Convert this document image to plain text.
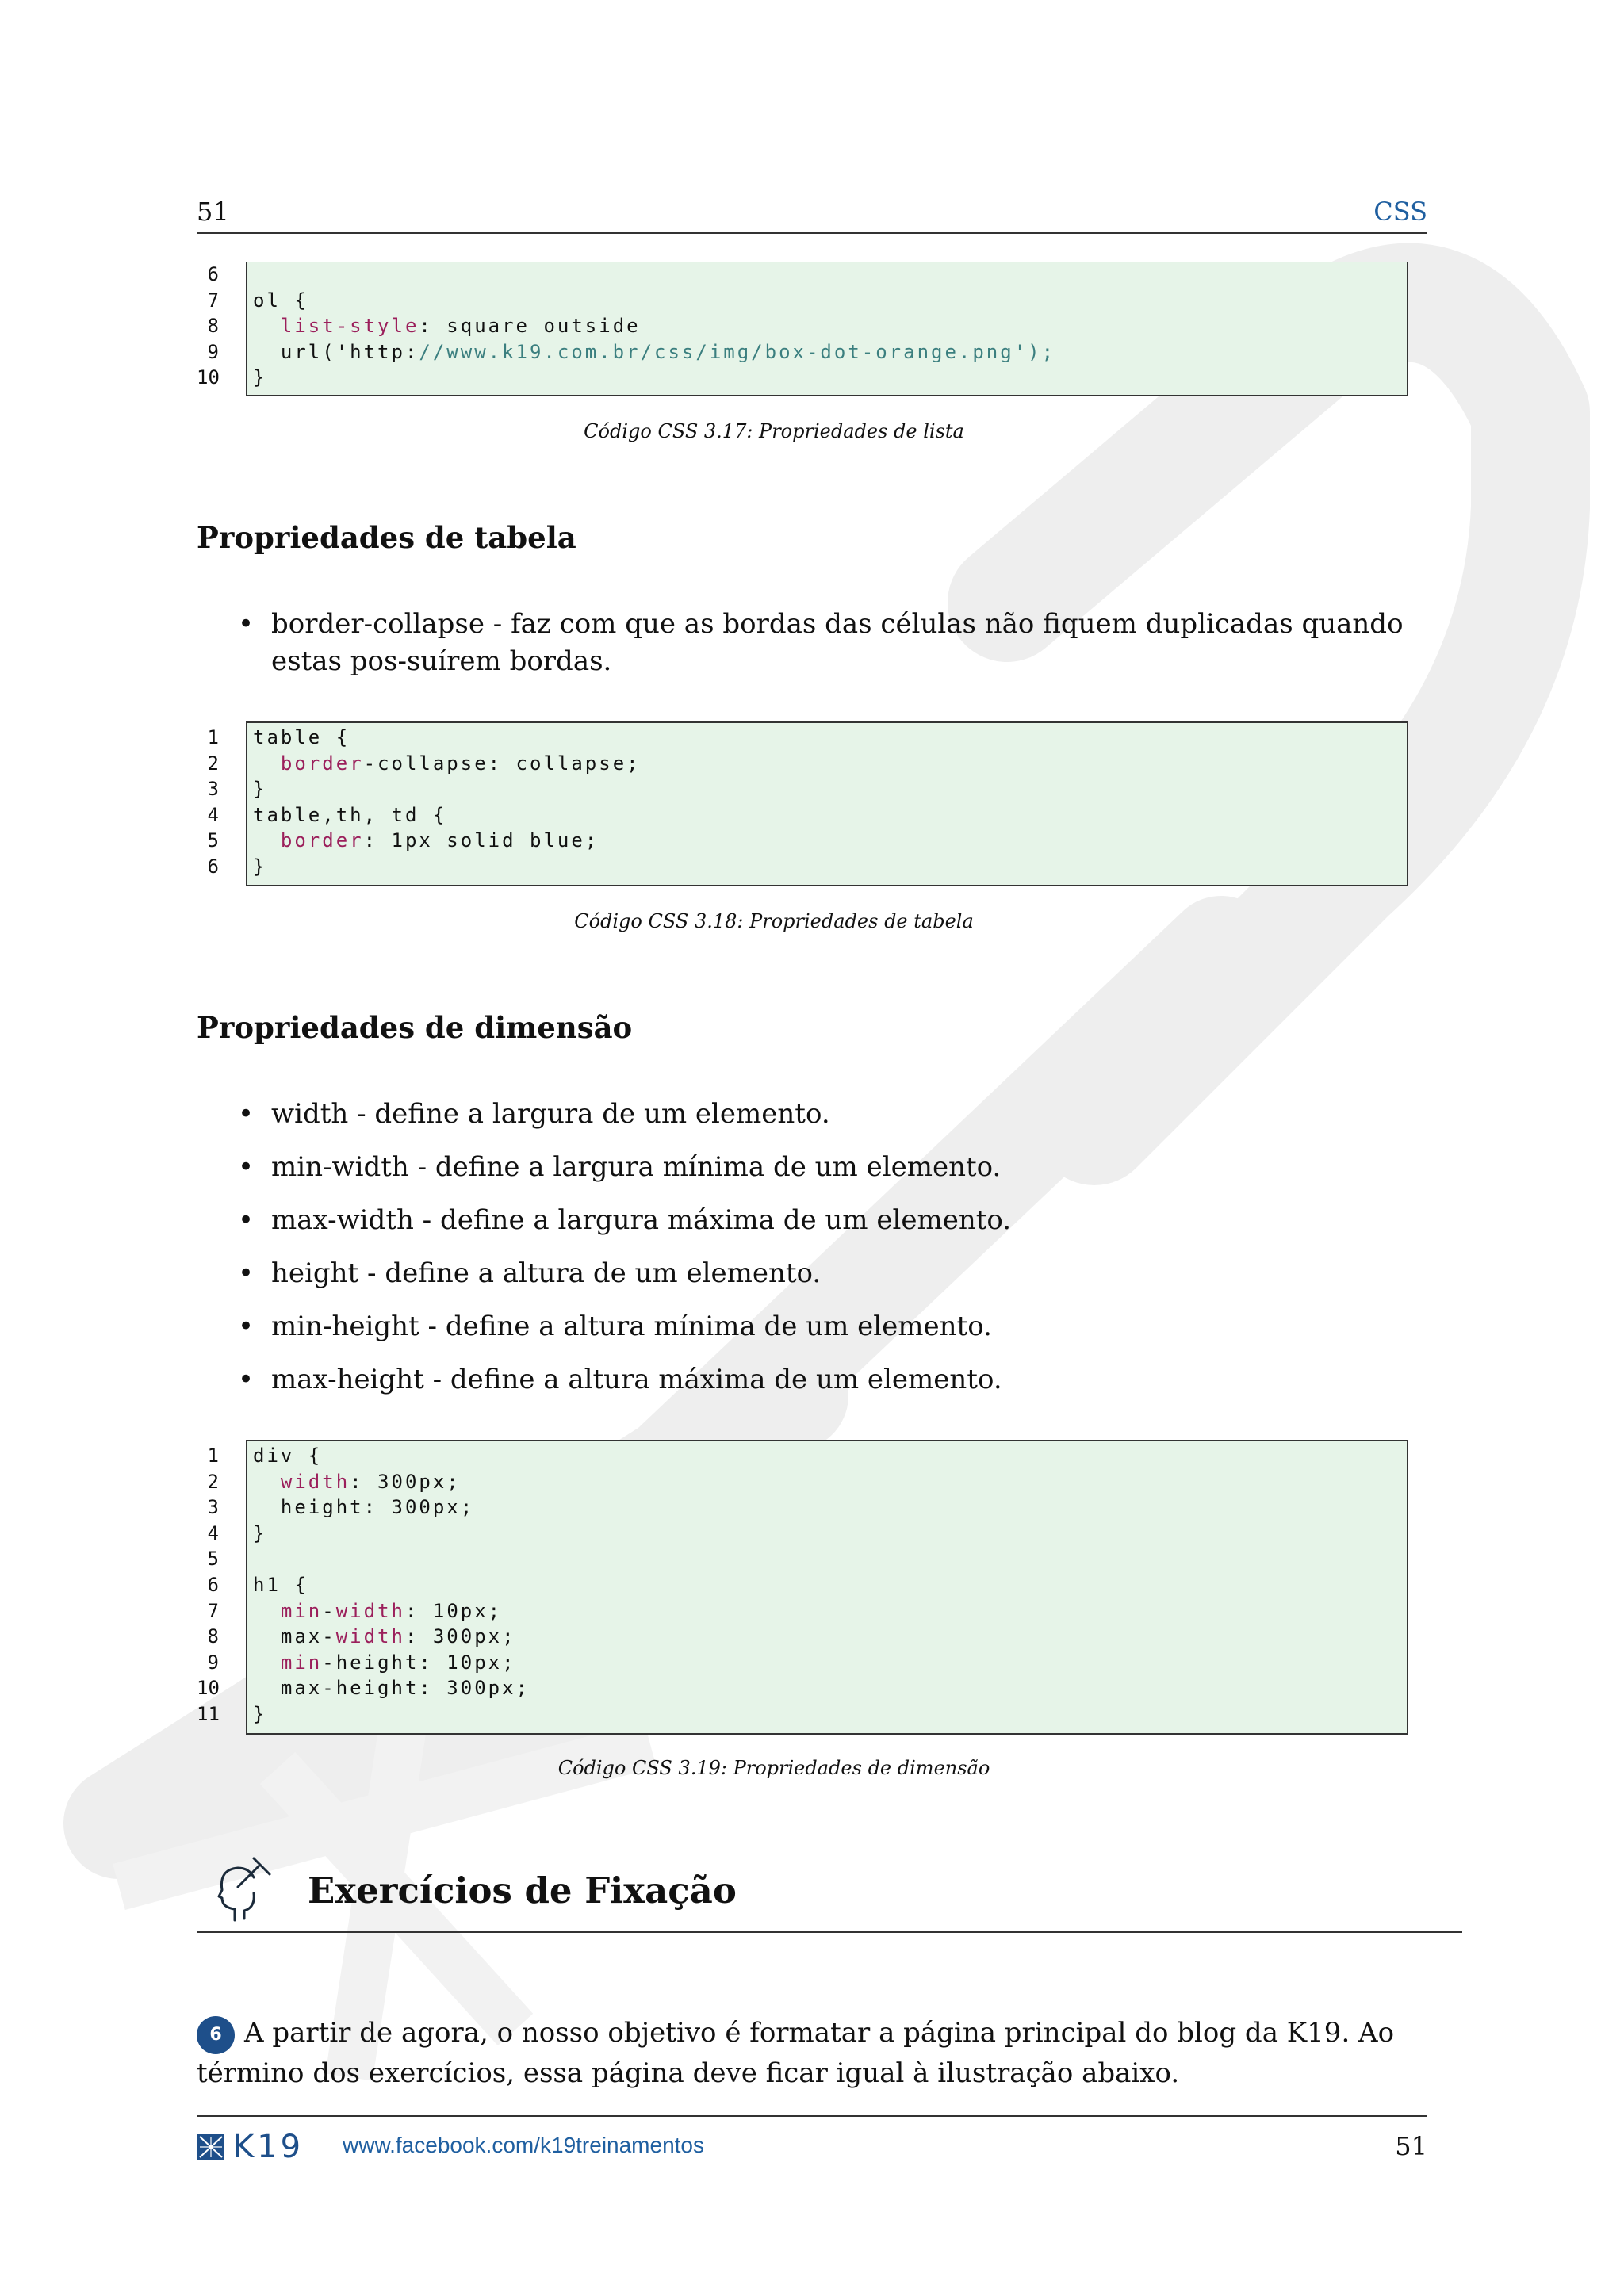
51	CSS
6
7
8
9
10
ol {
list-style: square outside
url('http://www.k19.com.br/css/img/box-dot-orange.png');
}
Código CSS 3.17: Propriedades de lista
Propriedades de tabela
• border-collapse - faz com que as bordas das células não fiquem duplicadas quando estas pos-suírem bordas.
1
2
3
4
5
6
table {
border-collapse: collapse;
}
table,th, td {
border: 1px solid blue;
}
Código CSS 3.18: Propriedades de tabela
Propriedades de dimensão
• width - define a largura de um elemento.
• min-width - define a largura mínima de um elemento.
• max-width - define a largura máxima de um elemento.
• height - define a altura de um elemento.
• min-height - define a altura mínima de um elemento.
• max-height - define a altura máxima de um elemento.
1
2
3
4
5
6
7
8
9
10
11
div {
width: 300px;
height: 300px;
}
h1 {
min-width: 10px;
max-width: 300px;
min-height: 10px;
max-height: 300px;
}
Código CSS 3.19: Propriedades de dimensão
Exercícios de Fixação
6 A partir de agora, o nosso objetivo é formatar a página principal do blog da K19. Ao término dos exercícios, essa página deve ficar igual à ilustração abaixo.
K19 www.facebook.com/k19treinamentos	51
